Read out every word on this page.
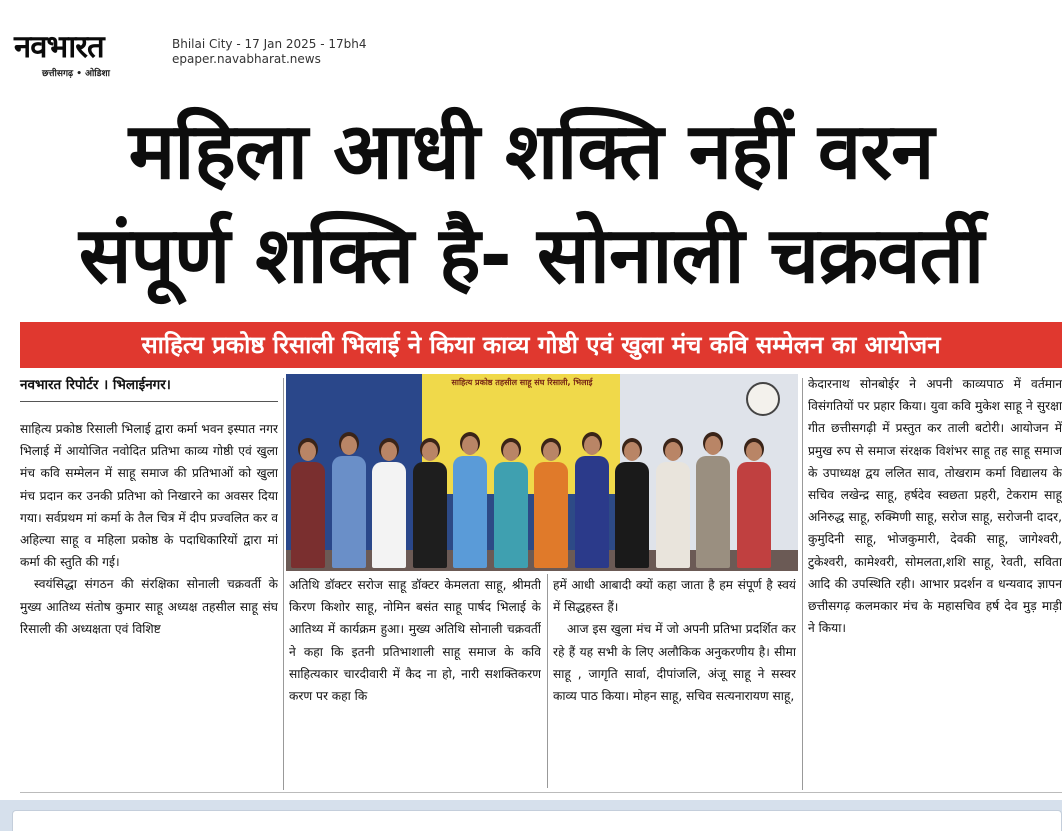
नवभारत
छत्तीसगढ़ • ओडिशा
Bhilai City - 17 Jan 2025 - 17bh4
epaper.navabharat.news
महिला आधी शक्ति नहीं वरन
संपूर्ण शक्ति है- सोनाली चक्रवर्ती
साहित्य प्रकोष्ठ रिसाली भिलाई ने किया काव्य गोष्ठी एवं खुला मंच कवि सम्मेलन का आयोजन
नवभारत रिपोर्टर । भिलाईनगर।

साहित्य प्रकोष्ठ रिसाली भिलाई द्वारा कर्मा भवन इस्पात नगर भिलाई में आयोजित नवोदित प्रतिभा काव्य गोष्ठी एवं खुला मंच कवि सम्मेलन में साहू समाज की प्रतिभाओं को खुला मंच प्रदान कर उनकी प्रतिभा को निखारने का अवसर दिया गया। सर्वप्रथम मां कर्मा के तैल चित्र में दीप प्रज्वलित कर व अहिल्या साहू व महिला प्रकोष्ठ के पदाधिकारियों द्वारा मां कर्मा की स्तुति की गई।

स्वयंसिद्धा संगठन की संरक्षिका सोनाली चक्रवर्ती के मुख्य आतिथ्य संतोष कुमार साहू अध्यक्ष तहसील साहू संघ रिसाली की अध्यक्षता एवं विशिष्ट

साहित्य प्रकोष्ठ तहसील साहू संघ रिसाली, भिलाई

अतिथि डॉक्टर सरोज साहू डॉक्टर केमलता साहू, श्रीमती किरण किशोर साहू, नोमिन बसंत साहू पार्षद भिलाई के आतिथ्य में कार्यक्रम हुआ। मुख्य अतिथि सोनाली चक्रवर्ती ने कहा कि इतनी प्रतिभाशाली साहू समाज के कवि साहित्यकार चारदीवारी में कैद ना हो, नारी सशक्तिकरण करण पर कहा कि

हमें आधी आबादी क्यों कहा जाता है हम संपूर्ण है स्वयं में सिद्धहस्त हैं।

आज इस खुला मंच में जो अपनी प्रतिभा प्रदर्शित कर रहे हैं यह सभी के लिए अलौकिक अनुकरणीय है। सीमा साहू , जागृति सार्वा, दीपांजलि, अंजू साहू ने सस्वर काव्य पाठ किया। मोहन साहू, सचिव सत्यनारायण साहू,

केदारनाथ सोनबोईर ने अपनी काव्यपाठ में वर्तमान विसंगतियों पर प्रहार किया। युवा कवि मुकेश साहू ने सुरक्षा गीत छत्तीसगढ़ी में प्रस्तुत कर ताली बटोरी। आयोजन में प्रमुख रुप से समाज संरक्षक विशंभर साहू तह साहू समाज के उपाध्यक्ष द्वय ललित साव, तोखराम कर्मा विद्यालय के सचिव लखेन्द्र साहू, हर्षदेव स्वछता प्रहरी, टेकराम साहू अनिरुद्ध साहू, रुक्मिणी साहू, सरोज साहू, सरोजनी दादर, कुमुदिनी साहू, भोजकुमारी, देवकी साहू, जागेश्वरी, टुकेश्वरी, कामेश्वरी, सोमलता,शशि साहू, रेवती, सविता आदि की उपस्थिति रही। आभार प्रदर्शन व धन्यवाद ज्ञापन छत्तीसगढ़ कलमकार मंच के महासचिव हर्ष देव मुड़ माड़ी ने किया।
